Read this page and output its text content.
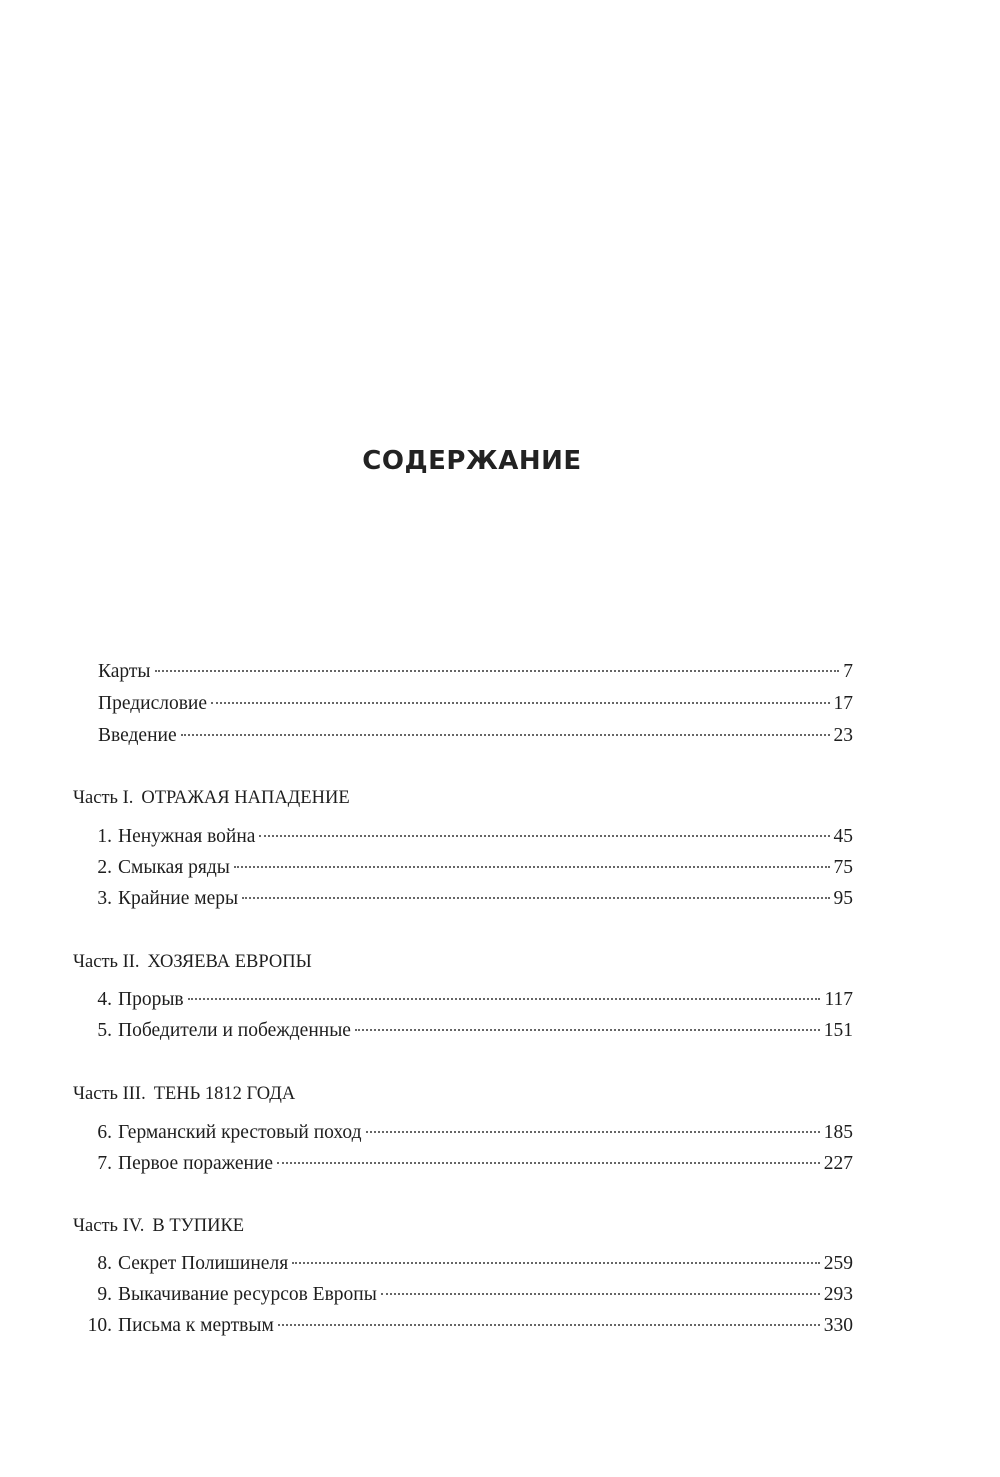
СОДЕРЖАНИЕ
Карты	7
Предисловие	17
Введение	23
Часть I. ОТРАЖАЯ НАПАДЕНИЕ
1. Ненужная война	45
2. Смыкая ряды	75
3. Крайние меры	95
Часть II. ХОЗЯЕВА ЕВРОПЫ
4. Прорыв	117
5. Победители и побежденные	151
Часть III. ТЕНЬ 1812 ГОДА
6. Германский крестовый поход	185
7. Первое поражение	227
Часть IV. В ТУПИКЕ
8. Секрет Полишинеля	259
9. Выкачивание ресурсов Европы	293
10. Письма к мертвым	330
